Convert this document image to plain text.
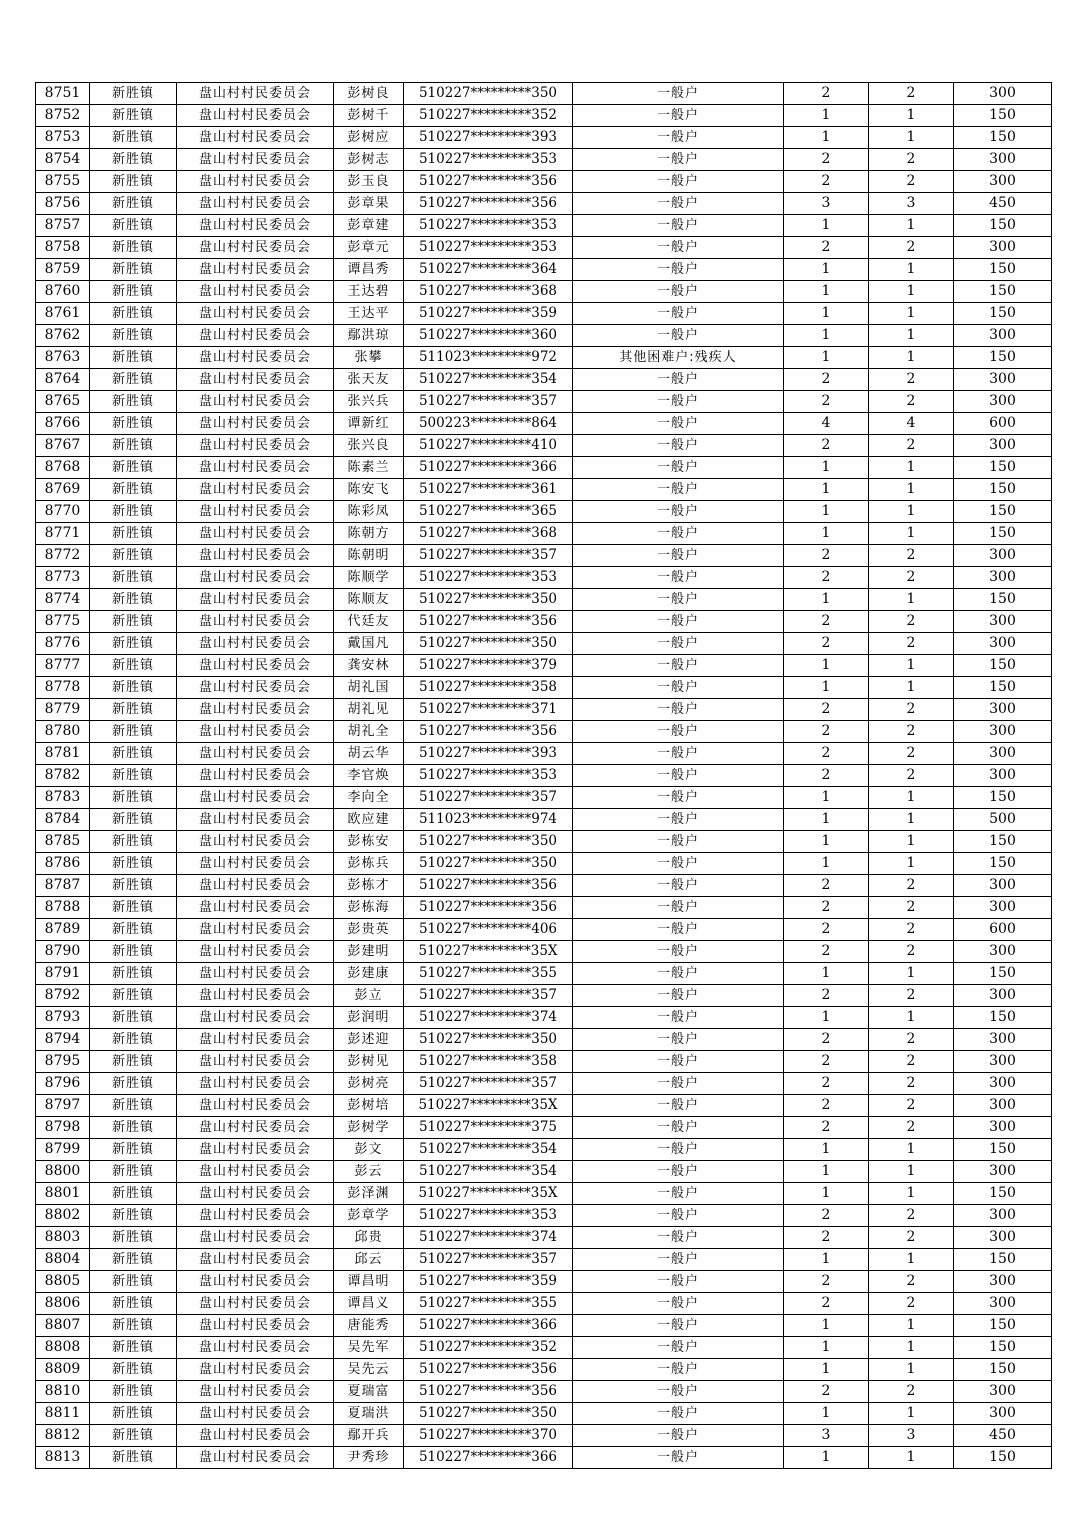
8751	新胜镇	盘山村村民委员会	彭树良	510227*********350	一般户	2	2	300
8752	新胜镇	盘山村村民委员会	彭树千	510227*********352	一般户	1	1	150
8753	新胜镇	盘山村村民委员会	彭树应	510227*********393	一般户	1	1	150
8754	新胜镇	盘山村村民委员会	彭树志	510227*********353	一般户	2	2	300
8755	新胜镇	盘山村村民委员会	彭玉良	510227*********356	一般户	2	2	300
8756	新胜镇	盘山村村民委员会	彭章果	510227*********356	一般户	3	3	450
8757	新胜镇	盘山村村民委员会	彭章建	510227*********353	一般户	1	1	150
8758	新胜镇	盘山村村民委员会	彭章元	510227*********353	一般户	2	2	300
8759	新胜镇	盘山村村民委员会	谭昌秀	510227*********364	一般户	1	1	150
8760	新胜镇	盘山村村民委员会	王达碧	510227*********368	一般户	1	1	150
8761	新胜镇	盘山村村民委员会	王达平	510227*********359	一般户	1	1	150
8762	新胜镇	盘山村村民委员会	鄢洪琼	510227*********360	一般户	1	1	300
8763	新胜镇	盘山村村民委员会	张攀	511023*********972	其他困难户:残疾人	1	1	150
8764	新胜镇	盘山村村民委员会	张天友	510227*********354	一般户	2	2	300
8765	新胜镇	盘山村村民委员会	张兴兵	510227*********357	一般户	2	2	300
8766	新胜镇	盘山村村民委员会	谭新红	500223*********864	一般户	4	4	600
8767	新胜镇	盘山村村民委员会	张兴良	510227*********410	一般户	2	2	300
8768	新胜镇	盘山村村民委员会	陈素兰	510227*********366	一般户	1	1	150
8769	新胜镇	盘山村村民委员会	陈安飞	510227*********361	一般户	1	1	150
8770	新胜镇	盘山村村民委员会	陈彩凤	510227*********365	一般户	1	1	150
8771	新胜镇	盘山村村民委员会	陈朝方	510227*********368	一般户	1	1	150
8772	新胜镇	盘山村村民委员会	陈朝明	510227*********357	一般户	2	2	300
8773	新胜镇	盘山村村民委员会	陈顺学	510227*********353	一般户	2	2	300
8774	新胜镇	盘山村村民委员会	陈顺友	510227*********350	一般户	1	1	150
8775	新胜镇	盘山村村民委员会	代廷友	510227*********356	一般户	2	2	300
8776	新胜镇	盘山村村民委员会	戴国凡	510227*********350	一般户	2	2	300
8777	新胜镇	盘山村村民委员会	龚安林	510227*********379	一般户	1	1	150
8778	新胜镇	盘山村村民委员会	胡礼国	510227*********358	一般户	1	1	150
8779	新胜镇	盘山村村民委员会	胡礼见	510227*********371	一般户	2	2	300
8780	新胜镇	盘山村村民委员会	胡礼全	510227*********356	一般户	2	2	300
8781	新胜镇	盘山村村民委员会	胡云华	510227*********393	一般户	2	2	300
8782	新胜镇	盘山村村民委员会	李官焕	510227*********353	一般户	2	2	300
8783	新胜镇	盘山村村民委员会	李向全	510227*********357	一般户	1	1	150
8784	新胜镇	盘山村村民委员会	欧应建	511023*********974	一般户	1	1	500
8785	新胜镇	盘山村村民委员会	彭栋安	510227*********350	一般户	1	1	150
8786	新胜镇	盘山村村民委员会	彭栋兵	510227*********350	一般户	1	1	150
8787	新胜镇	盘山村村民委员会	彭栋才	510227*********356	一般户	2	2	300
8788	新胜镇	盘山村村民委员会	彭栋海	510227*********356	一般户	2	2	300
8789	新胜镇	盘山村村民委员会	彭贵英	510227*********406	一般户	2	2	600
8790	新胜镇	盘山村村民委员会	彭建明	510227*********35X	一般户	2	2	300
8791	新胜镇	盘山村村民委员会	彭建康	510227*********355	一般户	1	1	150
8792	新胜镇	盘山村村民委员会	彭立	510227*********357	一般户	2	2	300
8793	新胜镇	盘山村村民委员会	彭润明	510227*********374	一般户	1	1	150
8794	新胜镇	盘山村村民委员会	彭述迎	510227*********350	一般户	2	2	300
8795	新胜镇	盘山村村民委员会	彭树见	510227*********358	一般户	2	2	300
8796	新胜镇	盘山村村民委员会	彭树亮	510227*********357	一般户	2	2	300
8797	新胜镇	盘山村村民委员会	彭树培	510227*********35X	一般户	2	2	300
8798	新胜镇	盘山村村民委员会	彭树学	510227*********375	一般户	2	2	300
8799	新胜镇	盘山村村民委员会	彭文	510227*********354	一般户	1	1	150
8800	新胜镇	盘山村村民委员会	彭云	510227*********354	一般户	1	1	300
8801	新胜镇	盘山村村民委员会	彭泽渊	510227*********35X	一般户	1	1	150
8802	新胜镇	盘山村村民委员会	彭章学	510227*********353	一般户	2	2	300
8803	新胜镇	盘山村村民委员会	邱贵	510227*********374	一般户	2	2	300
8804	新胜镇	盘山村村民委员会	邱云	510227*********357	一般户	1	1	150
8805	新胜镇	盘山村村民委员会	谭昌明	510227*********359	一般户	2	2	300
8806	新胜镇	盘山村村民委员会	谭昌义	510227*********355	一般户	2	2	300
8807	新胜镇	盘山村村民委员会	唐能秀	510227*********366	一般户	1	1	150
8808	新胜镇	盘山村村民委员会	吴先军	510227*********352	一般户	1	1	150
8809	新胜镇	盘山村村民委员会	吴先云	510227*********356	一般户	1	1	150
8810	新胜镇	盘山村村民委员会	夏瑞富	510227*********356	一般户	2	2	300
8811	新胜镇	盘山村村民委员会	夏瑞洪	510227*********350	一般户	1	1	300
8812	新胜镇	盘山村村民委员会	鄢开兵	510227*********370	一般户	3	3	450
8813	新胜镇	盘山村村民委员会	尹秀珍	510227*********366	一般户	1	1	150
